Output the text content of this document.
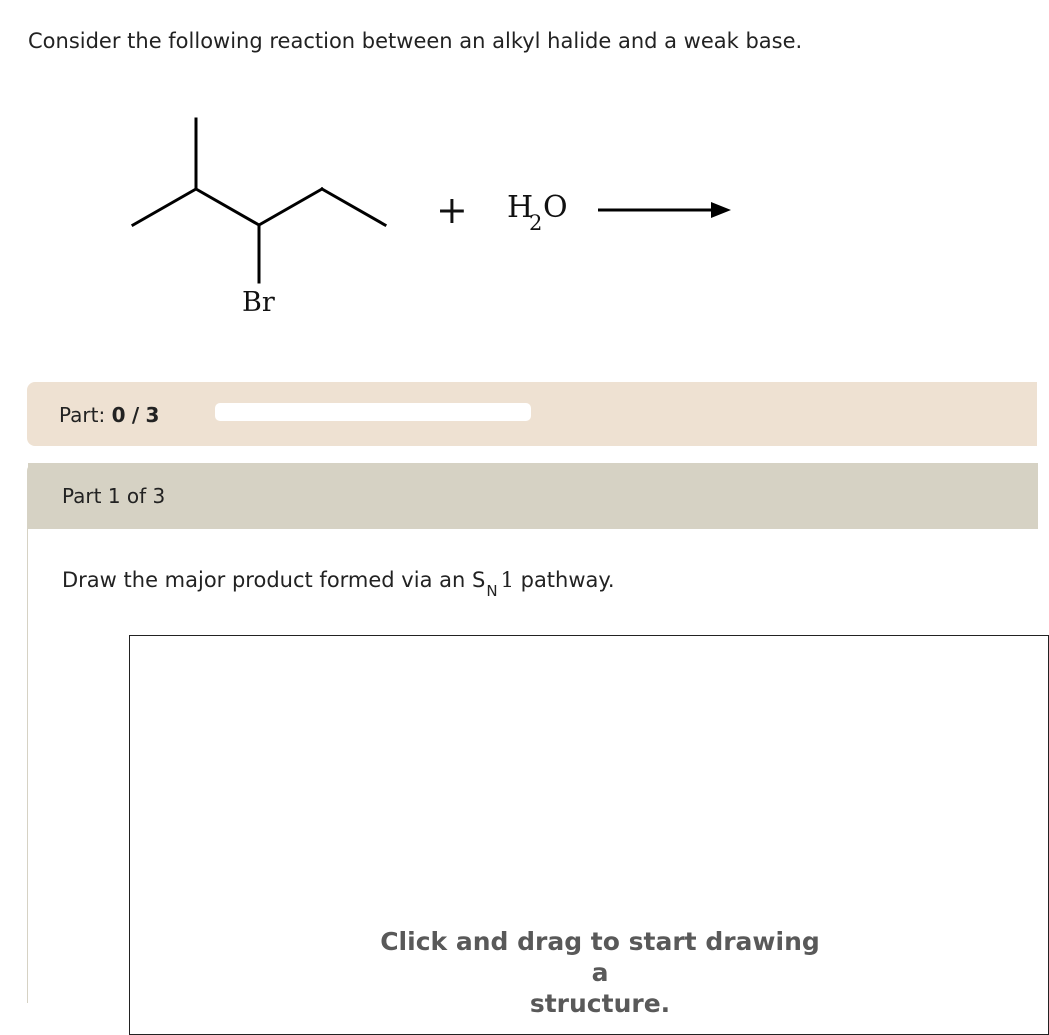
Consider the following reaction between an alkyl halide and a weak base.
Br
+ H
2 O
Part: 0 / 3
Part 1 of 3
Draw the major product formed via an $S_N$ 1 pathway.
Click and drag to start drawing a
structure.
